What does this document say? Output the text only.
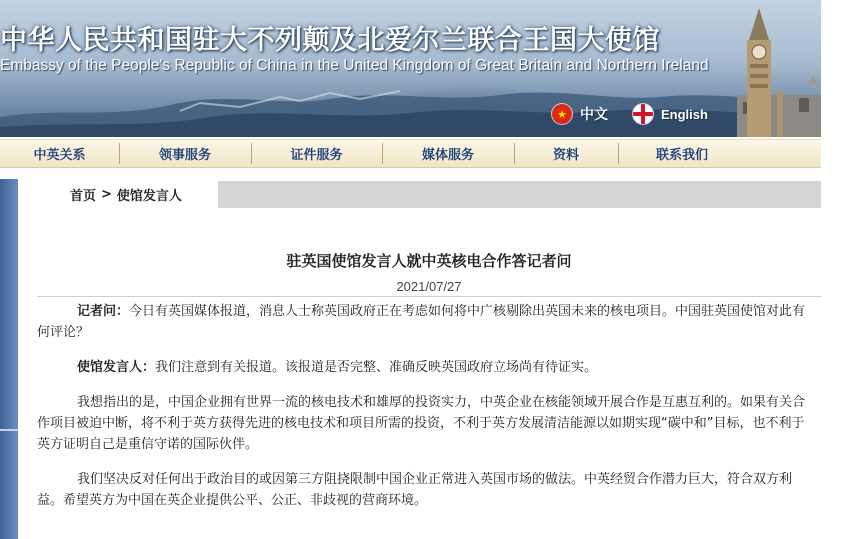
中华人民共和国驻大不列颠及北爱尔兰联合王国大使馆

Embassy of the People's Republic of China in the United Kingdom of Great Britain and Northern Ireland

★ 中文	English
中英关系	领事服务	证件服务	媒体服务	资料	联系我们
首页 > 使馆发言人
驻英国使馆发言人就中英核电合作答记者问
2021/07/27

记者问：今日有英国媒体报道，消息人士称英国政府正在考虑如何将中广核剔除出英国未来的核电项目。中国驻英国使馆对此有何评论？

使馆发言人：我们注意到有关报道。该报道是否完整、准确反映英国政府立场尚有待证实。

我想指出的是，中国企业拥有世界一流的核电技术和雄厚的投资实力，中英企业在核能领域开展合作是互惠互利的。如果有关合作项目被迫中断，将不利于英方获得先进的核电技术和项目所需的投资，不利于英方发展清洁能源以如期实现“碳中和”目标，也不利于英方证明自己是重信守诺的国际伙伴。

我们坚决反对任何出于政治目的或因第三方阻挠限制中国企业正常进入英国市场的做法。中英经贸合作潜力巨大，符合双方利益。希望英方为中国在英企业提供公平、公正、非歧视的营商环境。
